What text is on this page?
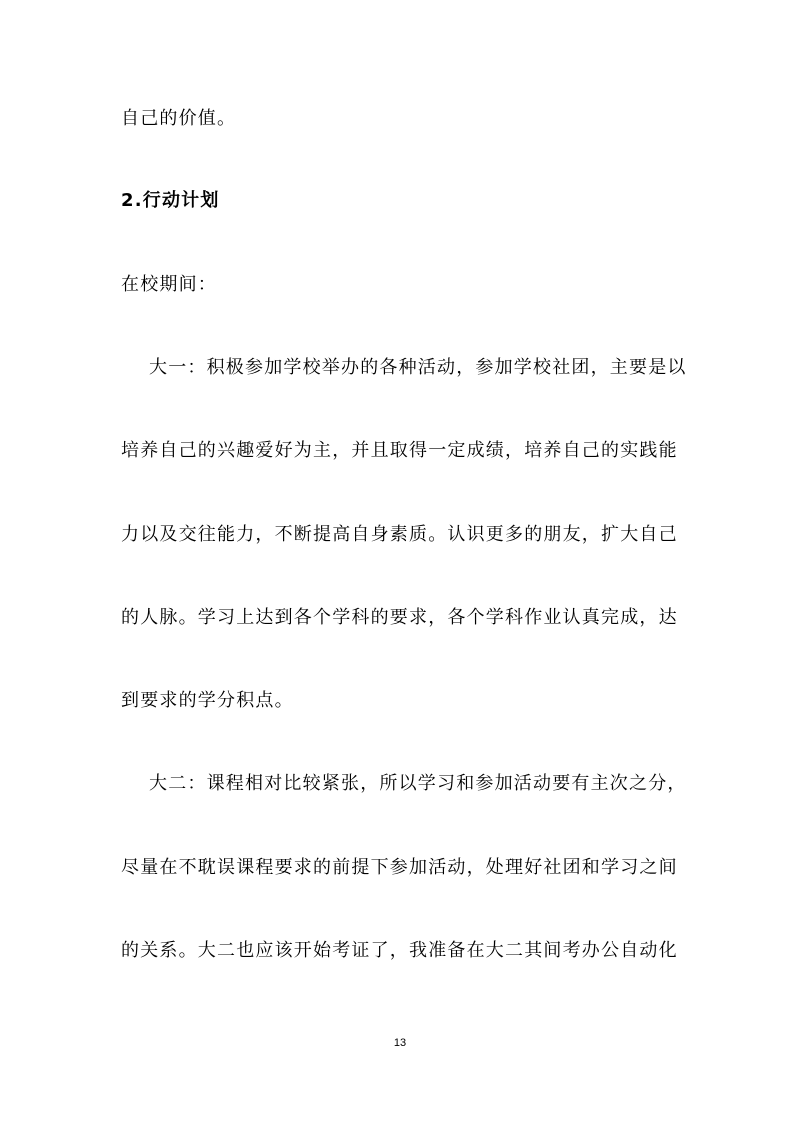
自己的价值。
2.行动计划
在校期间：
大一：积极参加学校举办的各种活动，参加学校社团，主要是以
培养自己的兴趣爱好为主，并且取得一定成绩，培养自己的实践能
力以及交往能力，不断提高自身素质。认识更多的朋友，扩大自己
的人脉。学习上达到各个学科的要求，各个学科作业认真完成，达
到要求的学分积点。
大二：课程相对比较紧张，所以学习和参加活动要有主次之分，
尽量在不耽误课程要求的前提下参加活动，处理好社团和学习之间
的关系。大二也应该开始考证了，我准备在大二其间考办公自动化
13
